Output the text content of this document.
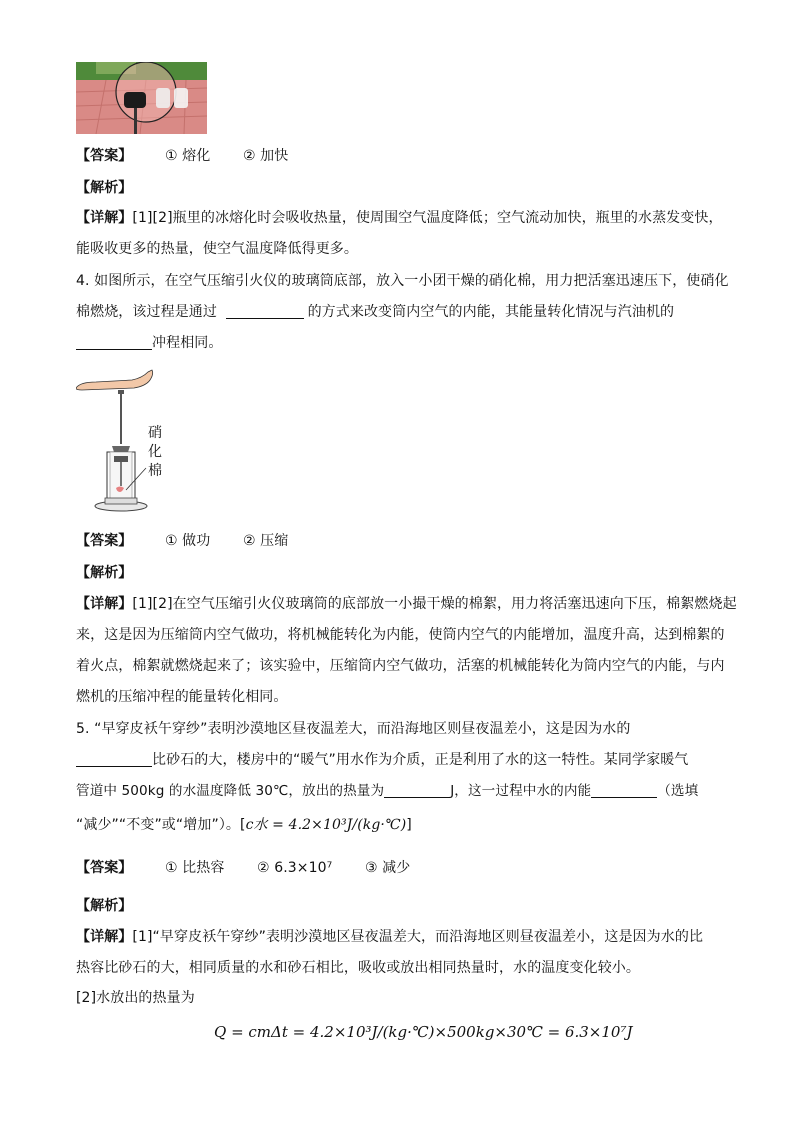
【答案】 ① 熔化 ② 加快
【解析】
【详解】[1][2]瓶里的冰熔化时会吸收热量，使周围空气温度降低；空气流动加快，瓶里的水蒸发变快，
能吸收更多的热量，使空气温度降低得更多。
4. 如图所示，在空气压缩引火仪的玻璃筒底部，放入一小团干燥的硝化棉，用力把活塞迅速压下，使硝化
棉燃烧，该过程是通过	的方式来改变筒内空气的内能，其能量转化情况与汽油机的
冲程相同。
硝化棉
【答案】 ① 做功 ② 压缩
【解析】
【详解】[1][2]在空气压缩引火仪玻璃筒的底部放一小撮干燥的棉絮，用力将活塞迅速向下压，棉絮燃烧起
来，这是因为压缩筒内空气做功，将机械能转化为内能，使筒内空气的内能增加，温度升高，达到棉絮的
着火点，棉絮就燃烧起来了；该实验中，压缩筒内空气做功，活塞的机械能转化为筒内空气的内能，与内
燃机的压缩冲程的能量转化相同。
5. “早穿皮袄午穿纱”表明沙漠地区昼夜温差大，而沿海地区则昼夜温差小，这是因为水的
比砂石的大，楼房中的“暖气”用水作为介质，正是利用了水的这一特性。某同学家暖气
管道中 500kg 的水温度降低 30℃，放出的热量为	J，这一过程中水的内能	（选填
“减少”“不变”或“增加”）。[c水 = 4.2×10³J/(kg·℃)]
【答案】 ① 比热容 ② 6.3×10⁷ ③ 减少
【解析】
【详解】[1]“早穿皮袄午穿纱”表明沙漠地区昼夜温差大，而沿海地区则昼夜温差小，这是因为水的比
热容比砂石的大，相同质量的水和砂石相比，吸收或放出相同热量时，水的温度变化较小。
[2]水放出的热量为
Q = cmΔt = 4.2×10³J/(kg·℃)×500kg×30℃ = 6.3×10⁷J
